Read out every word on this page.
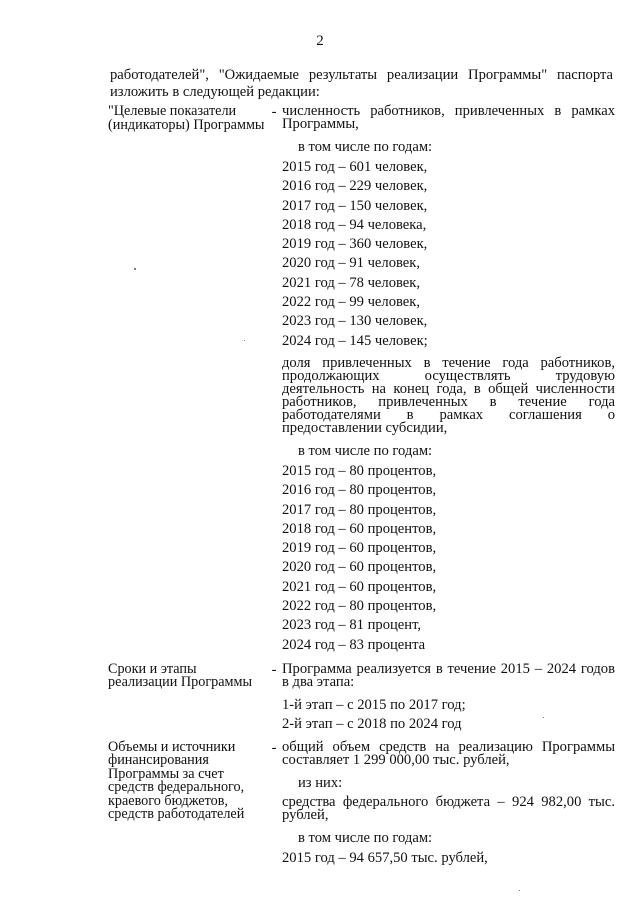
2
работодателей", "Ожидаемые результаты реализации Программы" паспорта
изложить в следующей редакции:
"Целевые показатели (индикаторы) Программы
- численность работников, привлеченных в рамках Программы,

в том числе по годам:

2015 год – 601 человек,

2016 год – 229 человек,

2017 год – 150 человек,

2018 год – 94 человека,

2019 год – 360 человек,

2020 год – 91 человек,

2021 год – 78 человек,

2022 год – 99 человек,

2023 год – 130 человек,

2024 год – 145 человек;

доля привлеченных в течение года работников, продолжающих осуществлять трудовую деятельность на конец года, в общей численности работников, привлеченных в течение года работодателями в рамках соглашения о предоставлении субсидии,

в том числе по годам:

2015 год – 80 процентов,

2016 год – 80 процентов,

2017 год – 80 процентов,

2018 год – 60 процентов,

2019 год – 60 процентов,

2020 год – 60 процентов,

2021 год – 60 процентов,

2022 год – 80 процентов,

2023 год – 81 процент,

2024 год – 83 процента

Сроки и этапы реализации Программы
- Программа реализуется в течение 2015 – 2024 годов в два этапа:

1-й этап – с 2015 по 2017 год;

2-й этап – с 2018 по 2024 год

Объемы и источники финансирования Программы за счет средств федерального, краевого бюджетов, средств работодателей
- общий объем средств на реализацию Программы составляет 1 299 000,00 тыс. рублей,

из них:

средства федерального бюджета – 924 982,00 тыс. рублей,

в том числе по годам:

2015 год – 94 657,50 тыс. рублей,
